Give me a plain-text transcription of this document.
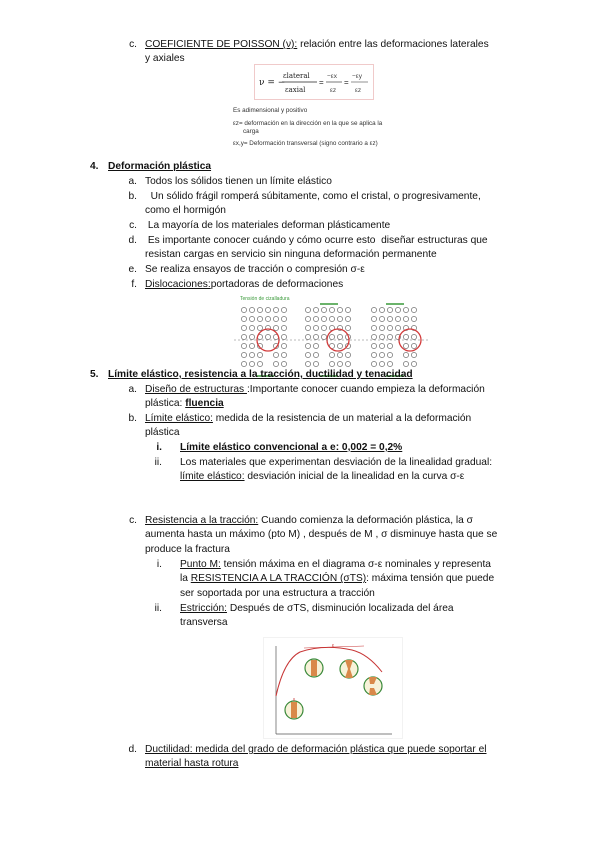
c. COEFICIENTE DE POISSON (ν): relación entre las deformaciones laterales
y axiales
ν = −
εlateral
εaxial
=
−εx
εz
=
−εy
εz
Es adimensional y positivo
εz= deformación en la dirección en la que se aplica la
carga
εx,y= Deformación transversal (signo contrario a εz)
4. Deformación plástica
a. Todos los sólidos tienen un límite elástico
b. Un sólido frágil romperá súbitamente, como el cristal, o progresivamente,
como el hormigón
c. La mayoría de los materiales deforman plásticamente
d. Es importante conocer cuándo y cómo ocurre esto  diseñar estructuras que
resistan cargas en servicio sin ninguna deformación permanente
e. Se realiza ensayos de tracción o compresión σ-ε
f. Dislocaciones:portadoras de deformaciones
Tensión de cizalladura
5. Límite elástico, resistencia a la tracción, ductilidad y tenacidad
a. Diseño de estructuras :Importante conocer cuando empieza la deformación
plástica: fluencia
b. Límite elástico: medida de la resistencia de un material a la deformación
plástica
i. Límite elástico convencional a e: 0,002 = 0,2%
ii. Los materiales que experimentan desviación de la linealidad gradual:
límite elástico: desviación inicial de la linealidad en la curva σ-ε
c. Resistencia a la tracción: Cuando comienza la deformación plástica, la σ
aumenta hasta un máximo (pto M) , después de M , σ disminuye hasta que se
produce la fractura
i. Punto M: tensión máxima en el diagrama σ-ε nominales y representa
la RESISTENCIA A LA TRACCIÓN (σTS): máxima tensión que puede
ser soportada por una estructura a tracción
ii. Estricción: Después de σTS, disminución localizada del área
transversa
ε
d. Ductilidad: medida del grado de deformación plástica que puede soportar el
material hasta rotura
